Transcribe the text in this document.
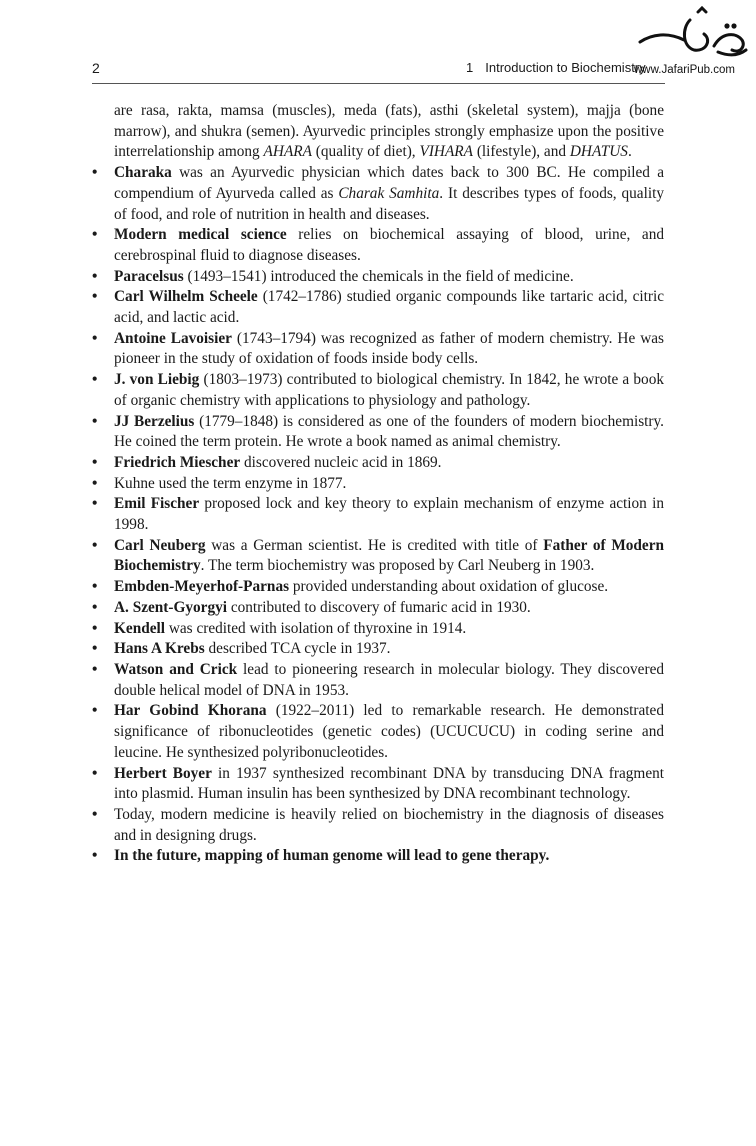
2	1 Introduction to Biochemistry
www.JafariPub.com

are rasa, rakta, mamsa (muscles), meda (fats), asthi (skeletal system), majja (bone marrow), and shukra (semen). Ayurvedic principles strongly emphasize upon the positive interrelationship among AHARA (quality of diet), VIHARA (lifestyle), and DHATUS.

• Charaka was an Ayurvedic physician which dates back to 300 BC. He compiled a compendium of Ayurveda called as Charak Samhita. It describes types of foods, quality of food, and role of nutrition in health and diseases.
• Modern medical science relies on biochemical assaying of blood, urine, and cerebrospinal fluid to diagnose diseases.
• Paracelsus (1493–1541) introduced the chemicals in the field of medicine.
• Carl Wilhelm Scheele (1742–1786) studied organic compounds like tartaric acid, citric acid, and lactic acid.
• Antoine Lavoisier (1743–1794) was recognized as father of modern chemistry. He was pioneer in the study of oxidation of foods inside body cells.
• J. von Liebig (1803–1973) contributed to biological chemistry. In 1842, he wrote a book of organic chemistry with applications to physiology and pathology.
• JJ Berzelius (1779–1848) is considered as one of the founders of modern biochemistry. He coined the term protein. He wrote a book named as animal chemistry.
• Friedrich Miescher discovered nucleic acid in 1869.
• Kuhne used the term enzyme in 1877.
• Emil Fischer proposed lock and key theory to explain mechanism of enzyme action in 1998.
• Carl Neuberg was a German scientist. He is credited with title of Father of Modern Biochemistry. The term biochemistry was proposed by Carl Neuberg in 1903.
• Embden-Meyerhof-Parnas provided understanding about oxidation of glucose.
• A. Szent-Gyorgyi contributed to discovery of fumaric acid in 1930.
• Kendell was credited with isolation of thyroxine in 1914.
• Hans A Krebs described TCA cycle in 1937.
• Watson and Crick lead to pioneering research in molecular biology. They discovered double helical model of DNA in 1953.
• Har Gobind Khorana (1922–2011) led to remarkable research. He demonstrated significance of ribonucleotides (genetic codes) (UCUCUCU) in coding serine and leucine. He synthesized polyribonucleotides.
• Herbert Boyer in 1937 synthesized recombinant DNA by transducing DNA fragment into plasmid. Human insulin has been synthesized by DNA recombinant technology.
• Today, modern medicine is heavily relied on biochemistry in the diagnosis of diseases and in designing drugs.
• In the future, mapping of human genome will lead to gene therapy.
